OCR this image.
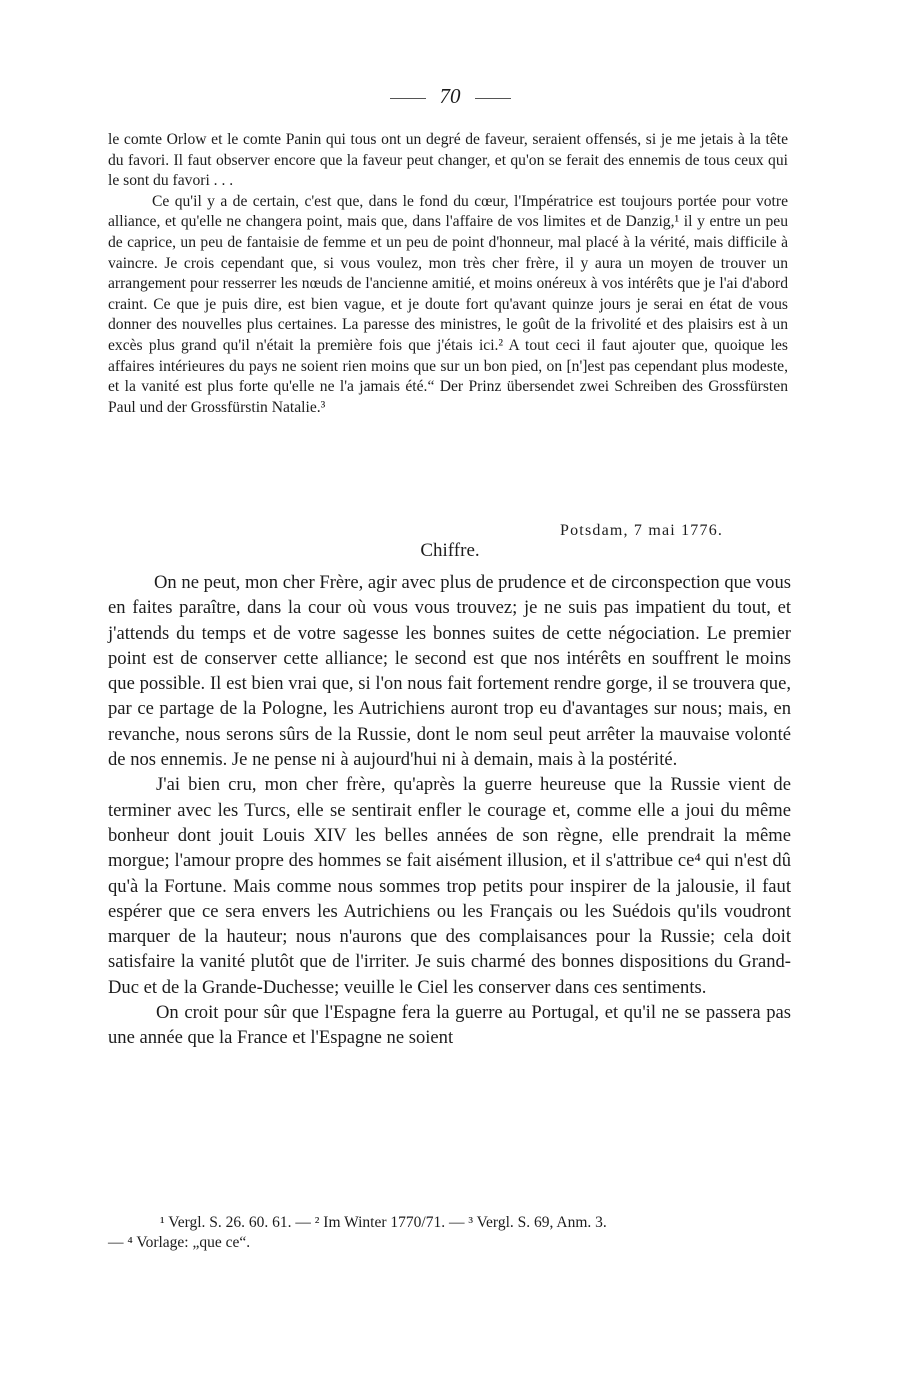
70

le comte Orlow et le comte Panin qui tous ont un degré de faveur, seraient offensés, si je me jetais à la tête du favori. Il faut observer encore que la faveur peut changer, et qu'on se ferait des ennemis de tous ceux qui le sont du favori . . .

Ce qu'il y a de certain, c'est que, dans le fond du cœur, l'Impératrice est toujours portée pour votre alliance, et qu'elle ne changera point, mais que, dans l'affaire de vos limites et de Danzig,¹ il y entre un peu de caprice, un peu de fantaisie de femme et un peu de point d'honneur, mal placé à la vérité, mais difficile à vaincre. Je crois cependant que, si vous voulez, mon très cher frère, il y aura un moyen de trouver un arrangement pour resserrer les nœuds de l'ancienne amitié, et moins onéreux à vos intérêts que je l'ai d'abord craint. Ce que je puis dire, est bien vague, et je doute fort qu'avant quinze jours je serai en état de vous donner des nouvelles plus certaines. La paresse des ministres, le goût de la frivolité et des plaisirs est à un excès plus grand qu'il n'était la première fois que j'étais ici.² A tout ceci il faut ajouter que, quoique les affaires intérieures du pays ne soient rien moins que sur un bon pied, on [n']est pas cependant plus modeste, et la vanité est plus forte qu'elle ne l'a jamais été.“ Der Prinz übersendet zwei Schreiben des Grossfürsten Paul und der Grossfürstin Natalie.³

Potsdam, 7 mai 1776.
Chiffre.

On ne peut, mon cher Frère, agir avec plus de prudence et de circonspection que vous en faites paraître, dans la cour où vous vous trouvez; je ne suis pas impatient du tout, et j'attends du temps et de votre sagesse les bonnes suites de cette négociation. Le premier point est de conserver cette alliance; le second est que nos intérêts en souffrent le moins que possible. Il est bien vrai que, si l'on nous fait fortement rendre gorge, il se trouvera que, par ce partage de la Pologne, les Autrichiens auront trop eu d'avantages sur nous; mais, en revanche, nous serons sûrs de la Russie, dont le nom seul peut arrêter la mauvaise volonté de nos ennemis. Je ne pense ni à aujourd'hui ni à demain, mais à la postérité.

J'ai bien cru, mon cher frère, qu'après la guerre heureuse que la Russie vient de terminer avec les Turcs, elle se sentirait enfler le courage et, comme elle a joui du même bonheur dont jouit Louis XIV les belles années de son règne, elle prendrait la même morgue; l'amour propre des hommes se fait aisément illusion, et il s'attribue ce⁴ qui n'est dû qu'à la Fortune. Mais comme nous sommes trop petits pour inspirer de la jalousie, il faut espérer que ce sera envers les Autrichiens ou les Français ou les Suédois qu'ils voudront marquer de la hauteur; nous n'aurons que des complaisances pour la Russie; cela doit satisfaire la vanité plutôt que de l'irriter. Je suis charmé des bonnes dispositions du Grand-Duc et de la Grande-Duchesse; veuille le Ciel les conserver dans ces sentiments.

On croit pour sûr que l'Espagne fera la guerre au Portugal, et qu'il ne se passera pas une année que la France et l'Espagne ne soient

¹ Vergl. S. 26. 60. 61. — ² Im Winter 1770/71. — ³ Vergl. S. 69, Anm. 3.
— ⁴ Vorlage: „que ce“.
